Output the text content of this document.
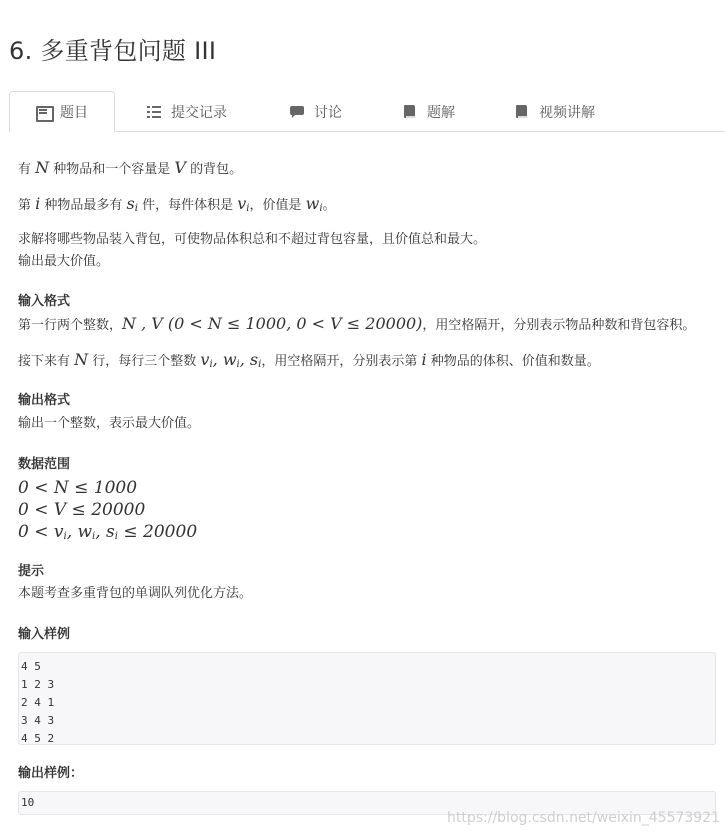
6. 多重背包问题 III
题目	提交记录	讨论	题解	视频讲解
有 N 种物品和一个容量是 V 的背包。
第 i 种物品最多有 $s_i$ 件，每件体积是 $v_i$，价值是 $w_i$。
求解将哪些物品装入背包，可使物品体积总和不超过背包容量，且价值总和最大。
输出最大价值。
输入格式
第一行两个整数，N , V (0 < N ≤ 1000, 0 < V ≤ 20000)，用空格隔开，分别表示物品种数和背包容积。
接下来有 N 行，每行三个整数 $v_i$, $w_i$, $s_i$，用空格隔开，分别表示第 i 种物品的体积、价值和数量。
输出格式
输出一个整数，表示最大价值。
数据范围
0 < N ≤ 1000
0 < V ≤ 20000
$0 < v_i$, $w_i$, $s_i \le 20000$
提示
本题考查多重背包的单调队列优化方法。
输入样例
输出样例：
4 5
1 2 3
2 4 1
3 4 3
4 5 2
10
https://blog.csdn.net/weixin_45573921
